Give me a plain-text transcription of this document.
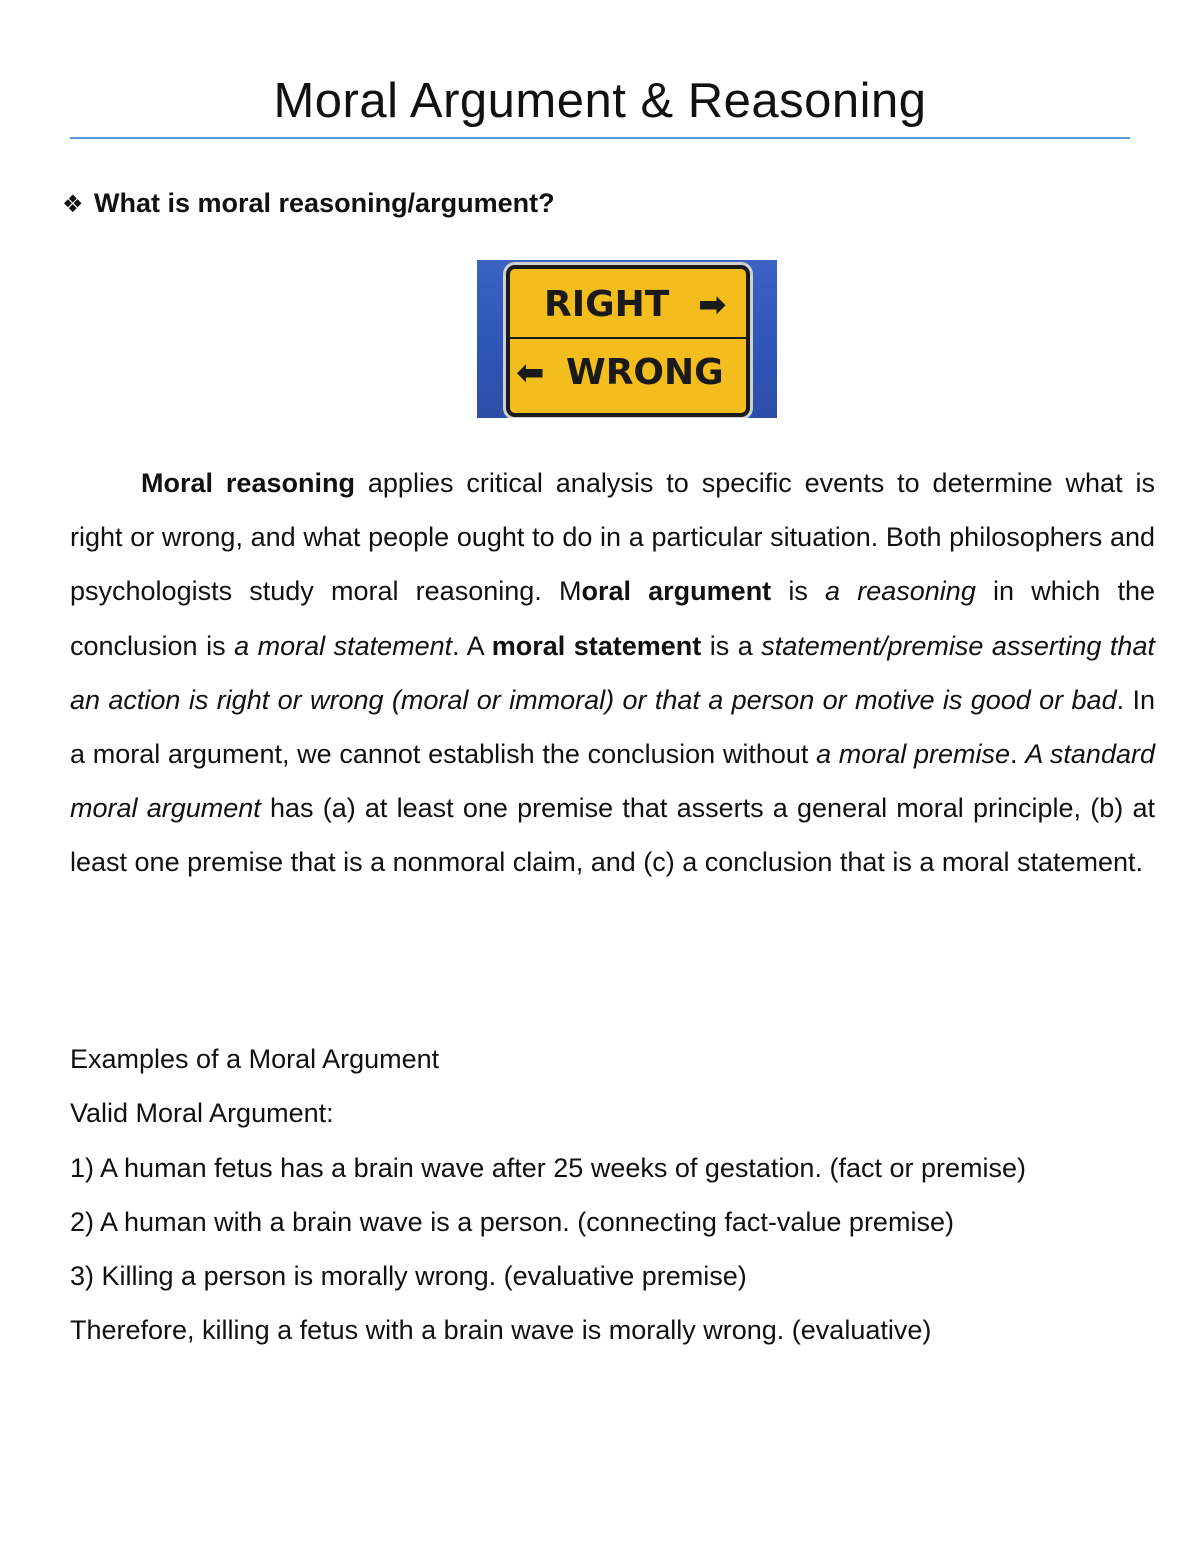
Moral Argument & Reasoning
❖ What is moral reasoning/argument?
RIGHT ➡
⬅ WRONG

Moral reasoning applies critical analysis to specific events to determine what is right or wrong, and what people ought to do in a particular situation. Both philosophers and psychologists study moral reasoning. Moral argument is a reasoning in which the conclusion is a moral statement. A moral statement is a statement/premise asserting that an action is right or wrong (moral or immoral) or that a person or motive is good or bad. In a moral argument, we cannot establish the conclusion without a moral premise. A standard moral argument has (a) at least one premise that asserts a general moral principle, (b) at least one premise that is a nonmoral claim, and (c) a conclusion that is a moral statement.

Examples of a Moral Argument

Valid Moral Argument:

1) A human fetus has a brain wave after 25 weeks of gestation. (fact or premise)

2) A human with a brain wave is a person. (connecting fact-value premise)

3) Killing a person is morally wrong. (evaluative premise)

Therefore, killing a fetus with a brain wave is morally wrong. (evaluative)
